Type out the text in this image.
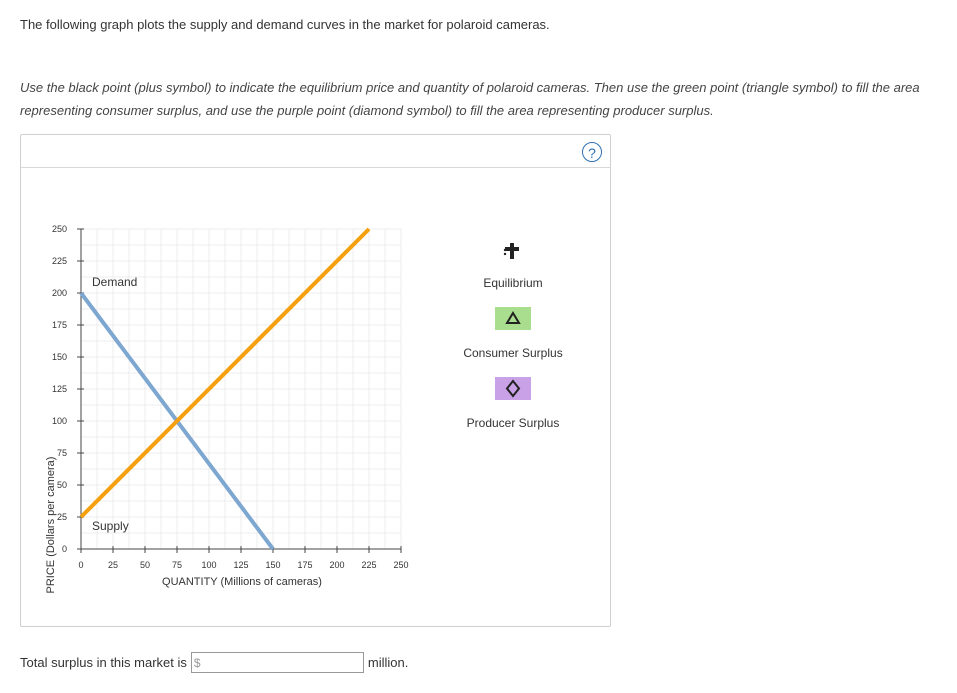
The following graph plots the supply and demand curves in the market for polaroid cameras.
Use the black point (plus symbol) to indicate the equilibrium price and quantity of polaroid cameras. Then use the green point (triangle symbol) to fill the area representing consumer surplus, and use the purple point (diamond symbol) to fill the area representing producer surplus.
?
0
25
50
75
100
125
150
175
200
225
250
0	25 50 75 100 125 150 175 200 225 250
Demand
Supply
QUANTITY (Millions of cameras)
PRICE (Dollars per camera)
Equilibrium
Consumer Surplus
Producer Surplus
Total surplus in this market is $	million.
